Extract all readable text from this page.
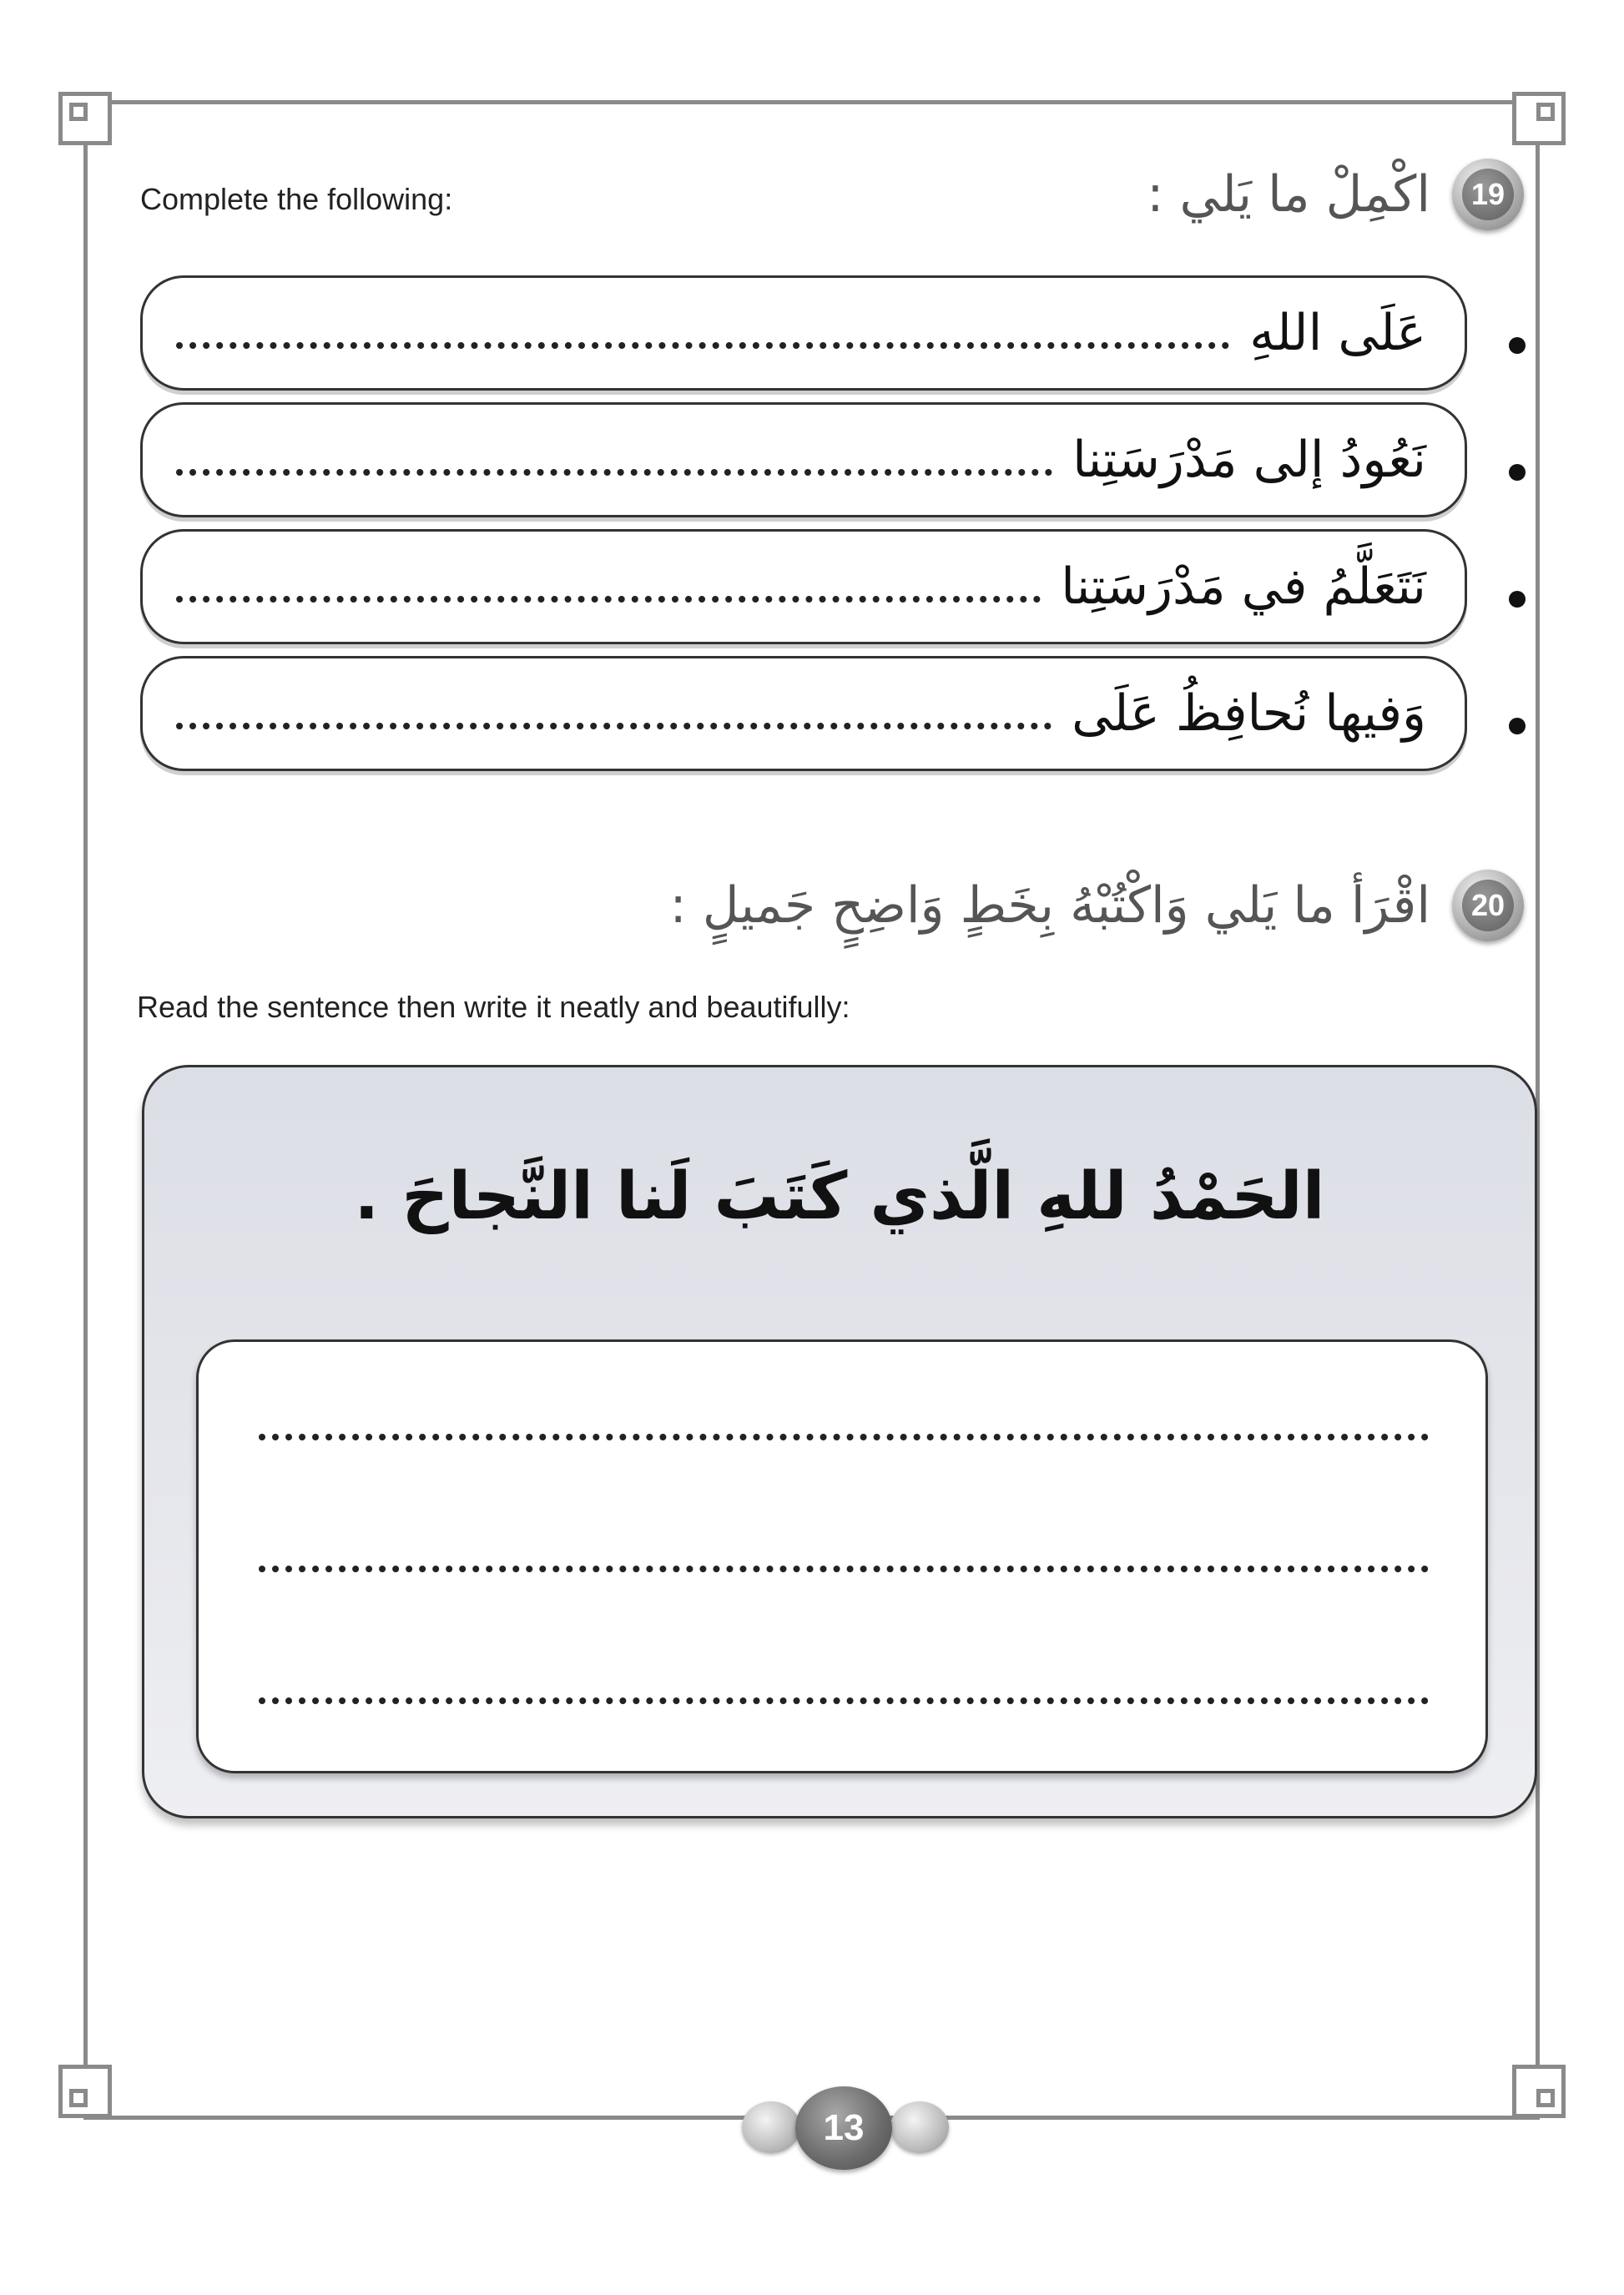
19
اكْمِلْ ما يَلي :
Complete the following:
عَلَى اللهِ
نَعُودُ إلى مَدْرَسَتِنا
نَتَعَلَّمُ في مَدْرَسَتِنا
وَفيها نُحافِظُ عَلَى
20
اقْرَأ ما يَلي وَاكْتُبْهُ بِخَطٍ وَاضِحٍ جَميلٍ :
Read the sentence then write it neatly and beautifully:
الحَمْدُ للهِ الَّذي كَتَبَ لَنا النَّجاحَ .
13
